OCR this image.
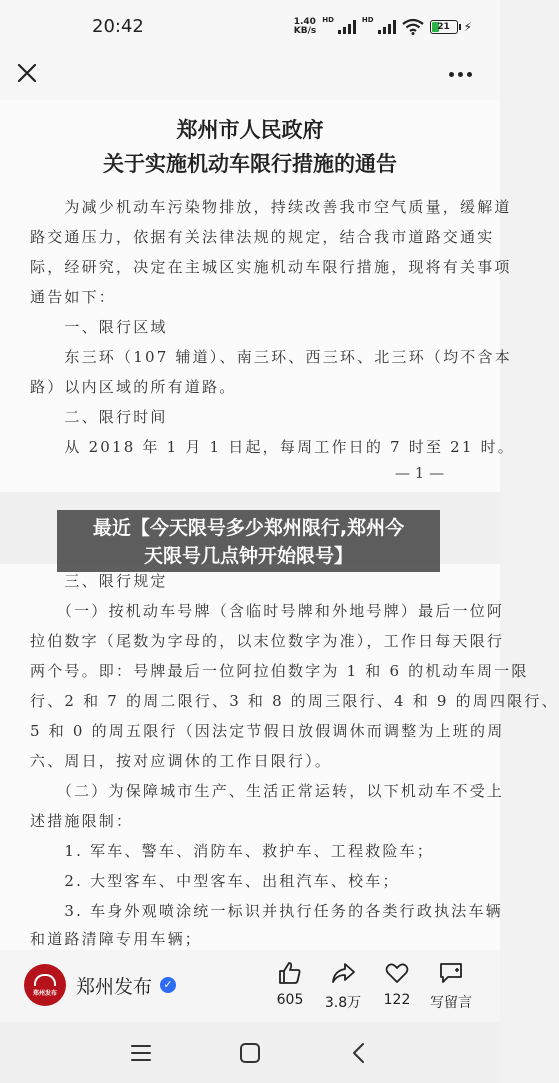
20:42	1.40
KB/s
HD	HD
21 ⚡
郑州市人民政府
关于实施机动车限行措施的通告
　　为减少机动车污染物排放，持续改善我市空气质量，缓解道
路交通压力，依据有关法律法规的规定，结合我市道路交通实
际，经研究，决定在主城区实施机动车限行措施，现将有关事项
通告如下：
　　一、限行区域
　　东三环（107 辅道）、南三环、西三环、北三环（均不含本
路）以内区域的所有道路。
　　二、限行时间
　　从 2018 年 1 月 1 日起，每周工作日的 7 时至 21 时。
— 1 —
　　三、限行规定
　　（一）按机动车号牌（含临时号牌和外地号牌）最后一位阿
拉伯数字（尾数为字母的，以末位数字为准），工作日每天限行
两个号。即：号牌最后一位阿拉伯数字为 1 和 6 的机动车周一限
行、2 和 7 的周二限行、3 和 8 的周三限行、4 和 9 的周四限行、
5 和 0 的周五限行（因法定节假日放假调休而调整为上班的周
六、周日，按对应调休的工作日限行）。
　　（二）为保障城市生产、生活正常运转，以下机动车不受上
述措施限制：
　　1. 军车、警车、消防车、救护车、工程救险车；
　　2. 大型客车、中型客车、出租汽车、校车；
　　3. 车身外观喷涂统一标识并执行任务的各类行政执法车辆
和道路清障专用车辆；
最近【今天限号多少郑州限行,郑州今
天限号几点钟开始限号】
郑州发布 郑州发布	✓
605 3.8万 122 写留言
